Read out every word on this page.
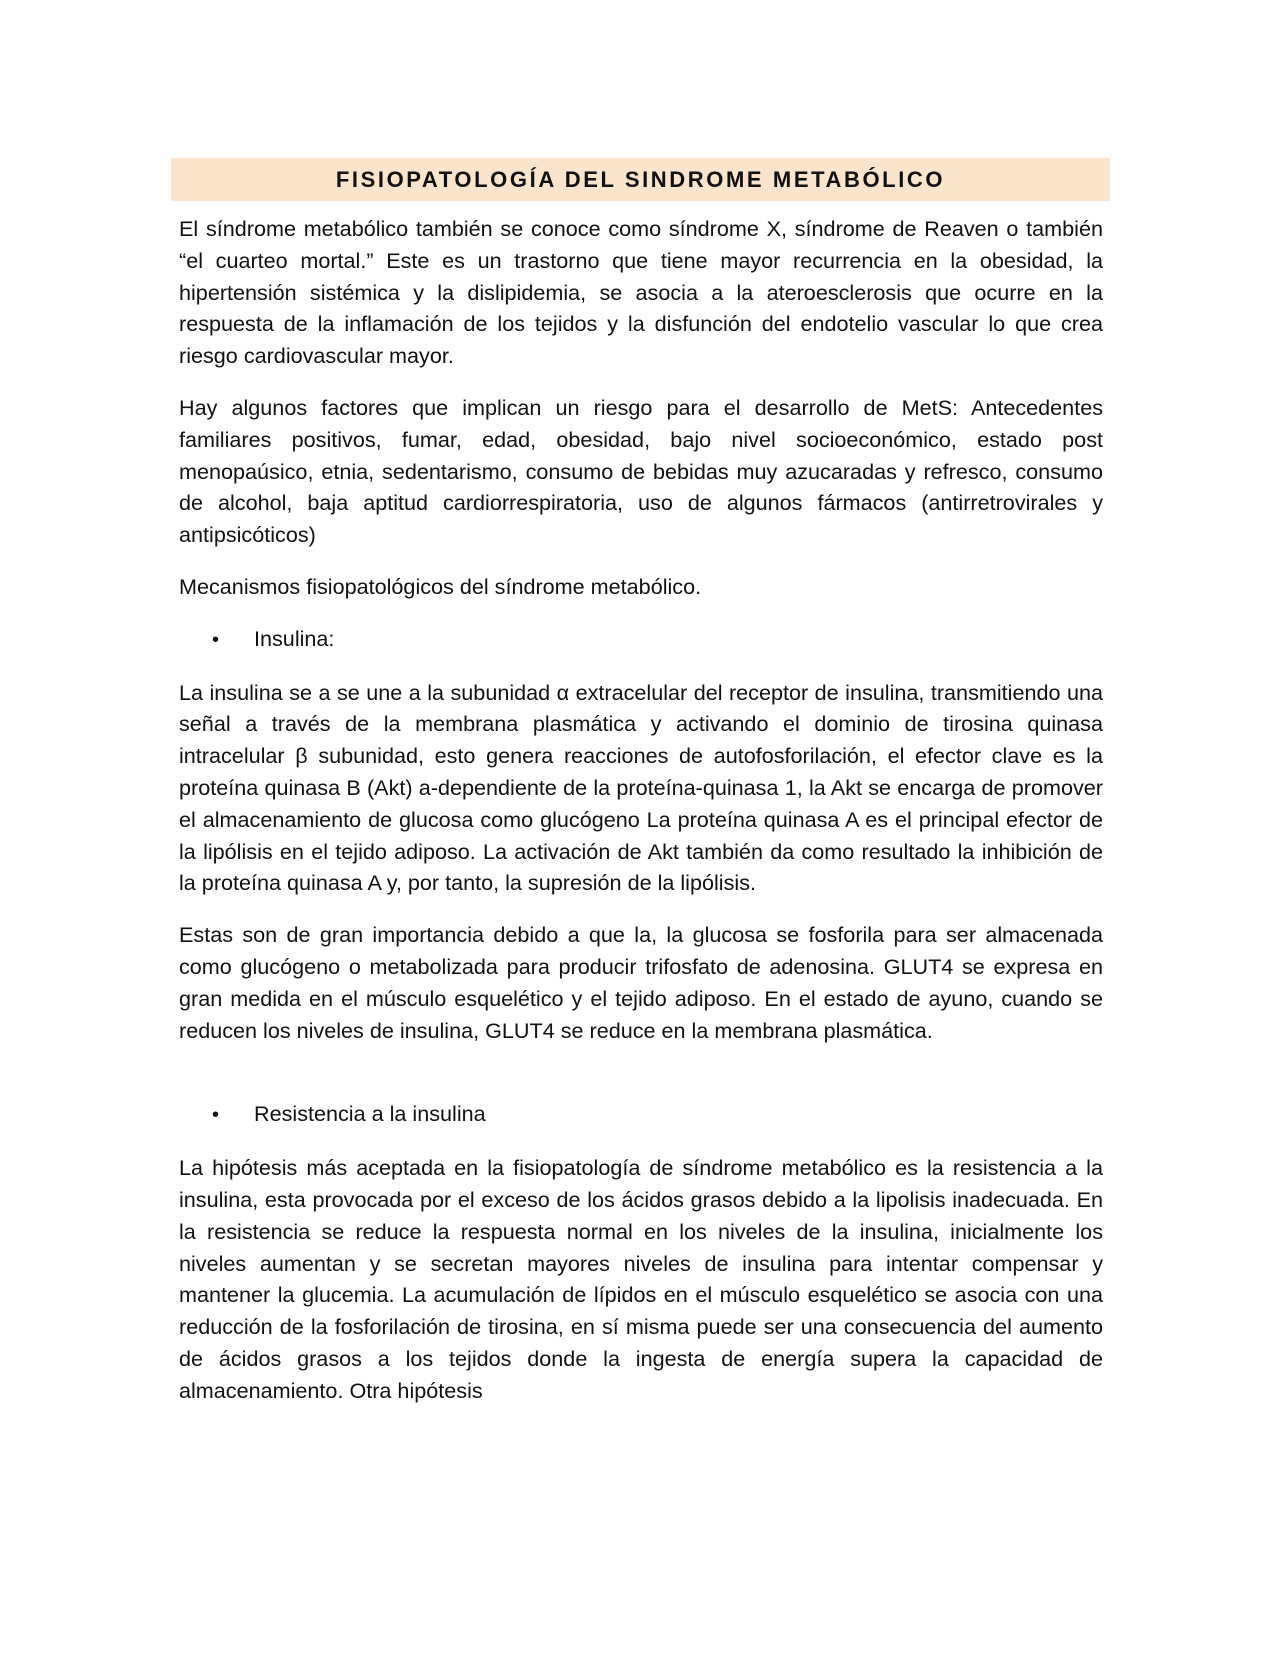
FISIOPATOLOGÍA DEL SINDROME METABÓLICO

El síndrome metabólico también se conoce como síndrome X, síndrome de Reaven o también “el cuarteo mortal.” Este es un trastorno que tiene mayor recurrencia en la obesidad, la hipertensión sistémica y la dislipidemia, se asocia a la ateroesclerosis que ocurre en la respuesta de la inflamación de los tejidos y la disfunción del endotelio vascular lo que crea riesgo cardiovascular mayor.

Hay algunos factores que implican un riesgo para el desarrollo de MetS: Antecedentes familiares positivos, fumar, edad, obesidad, bajo nivel socioeconómico, estado post menopaúsico, etnia, sedentarismo, consumo de bebidas muy azucaradas y refresco, consumo de alcohol, baja aptitud cardiorrespiratoria, uso de algunos fármacos (antirretrovirales y antipsicóticos)

Mecanismos fisiopatológicos del síndrome metabólico.

•	Insulina:

La insulina se a se une a la subunidad α extracelular del receptor de insulina, transmitiendo una señal a través de la membrana plasmática y activando el dominio de tirosina quinasa intracelular β subunidad, esto genera reacciones de autofosforilación, el efector clave es la proteína quinasa B (Akt) a-dependiente de la proteína-quinasa 1, la Akt se encarga de promover el almacenamiento de glucosa como glucógeno La proteína quinasa A es el principal efector de la lipólisis en el tejido adiposo. La activación de Akt también da como resultado la inhibición de la proteína quinasa A y, por tanto, la supresión de la lipólisis.

Estas son de gran importancia debido a que la, la glucosa se fosforila para ser almacenada como glucógeno o metabolizada para producir trifosfato de adenosina. GLUT4 se expresa en gran medida en el músculo esquelético y el tejido adiposo. En el estado de ayuno, cuando se reducen los niveles de insulina, GLUT4 se reduce en la membrana plasmática.

•	Resistencia a la insulina

La hipótesis más aceptada en la fisiopatología de síndrome metabólico es la resistencia a la insulina, esta provocada por el exceso de los ácidos grasos debido a la lipolisis inadecuada. En la resistencia se reduce la respuesta normal en los niveles de la insulina, inicialmente los niveles aumentan y se secretan mayores niveles de insulina para intentar compensar y mantener la glucemia. La acumulación de lípidos en el músculo esquelético se asocia con una reducción de la fosforilación de tirosina, en sí misma puede ser una consecuencia del aumento de ácidos grasos a los tejidos donde la ingesta de energía supera la capacidad de almacenamiento. Otra hipótesis
